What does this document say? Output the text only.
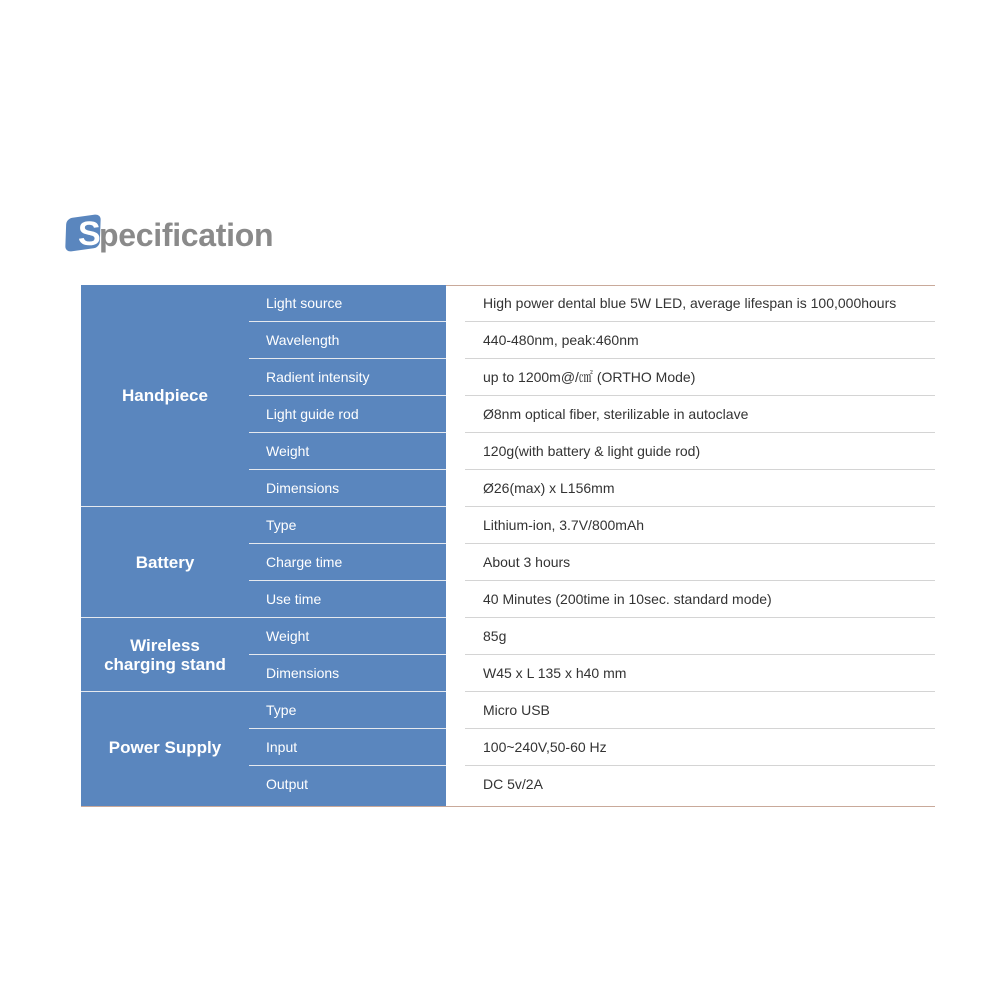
S
pecification
Handpiece
Light source	High power dental blue 5W LED, average lifespan is 100,000hours
Wavelength	440-480nm, peak:460nm
Radient intensity	up to 1200m@/㎠ (ORTHO Mode)
Light guide rod	Ø8nm optical fiber, sterilizable in autoclave
Weight	120g(with battery & light guide rod)
Dimensions	Ø26(max) x L156mm
Battery
Type	Lithium-ion, 3.7V/800mAh
Charge time	About 3 hours
Use time	40 Minutes (200time in 10sec. standard mode)
Wireless
charging stand
Weight	85g
Dimensions	W45 x L 135 x h40 mm
Power Supply
Type	Micro USB
Input	100~240V,50-60 Hz
Output	DC 5v/2A
